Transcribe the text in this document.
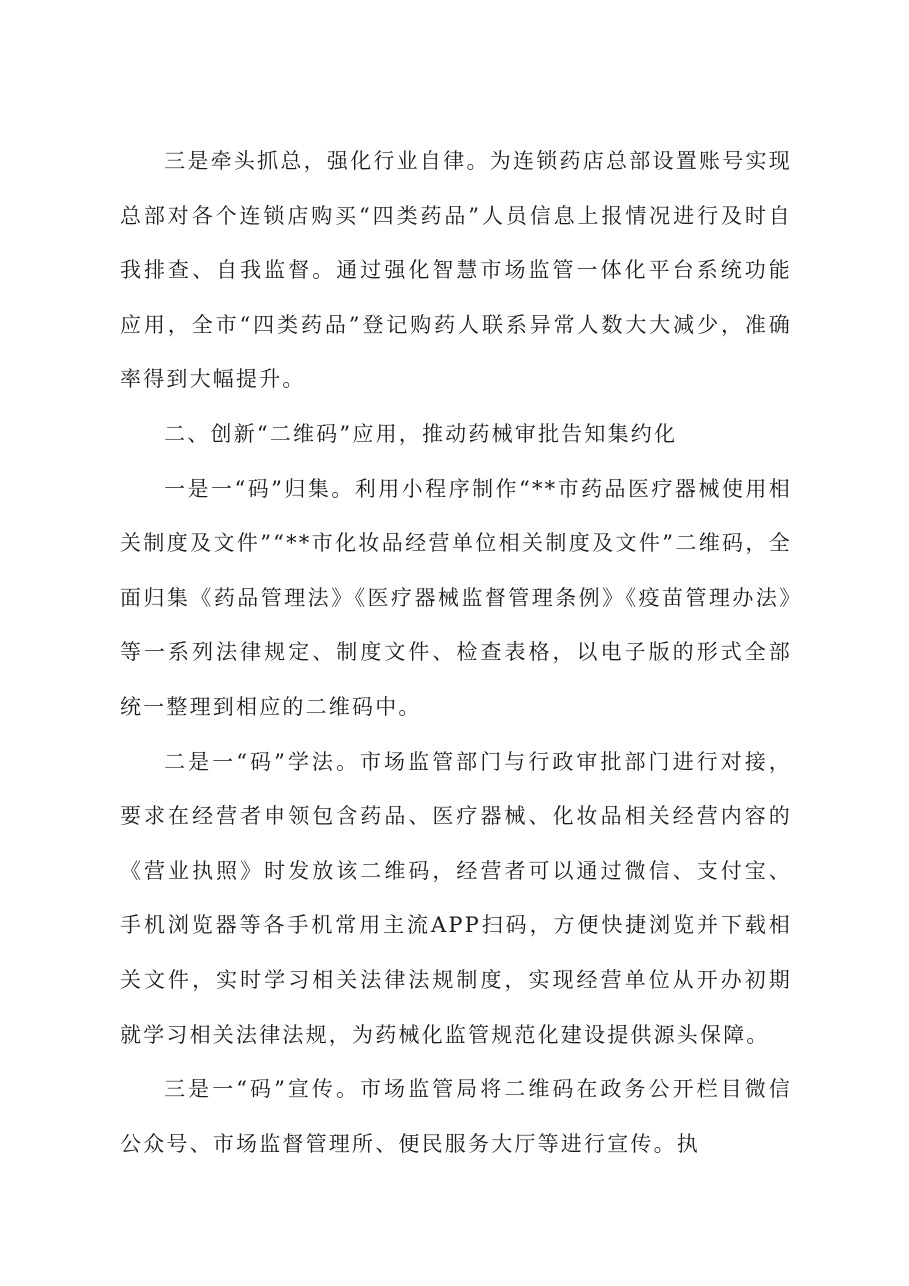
三是牵头抓总，强化行业自律。为连锁药店总部设置账号实现总部对各个连锁店购买“四类药品”人员信息上报情况进行及时自我排查、自我监督。通过强化智慧市场监管一体化平台系统功能应用，全市“四类药品”登记购药人联系异常人数大大减少，准确率得到大幅提升。

二、创新“二维码”应用，推动药械审批告知集约化

一是一“码”归集。利用小程序制作“**市药品医疗器械使用相关制度及文件”“**市化妆品经营单位相关制度及文件”二维码，全面归集《药品管理法》《医疗器械监督管理条例》《疫苗管理办法》等一系列法律规定、制度文件、检查表格，以电子版的形式全部统一整理到相应的二维码中。

二是一“码”学法。市场监管部门与行政审批部门进行对接，要求在经营者申领包含药品、医疗器械、化妆品相关经营内容的《营业执照》时发放该二维码，经营者可以通过微信、支付宝、手机浏览器等各手机常用主流APP扫码，方便快捷浏览并下载相关文件，实时学习相关法律法规制度，实现经营单位从开办初期就学习相关法律法规，为药械化监管规范化建设提供源头保障。

三是一“码”宣传。市场监管局将二维码在政务公开栏目微信公众号、市场监督管理所、便民服务大厅等进行宣传。执
